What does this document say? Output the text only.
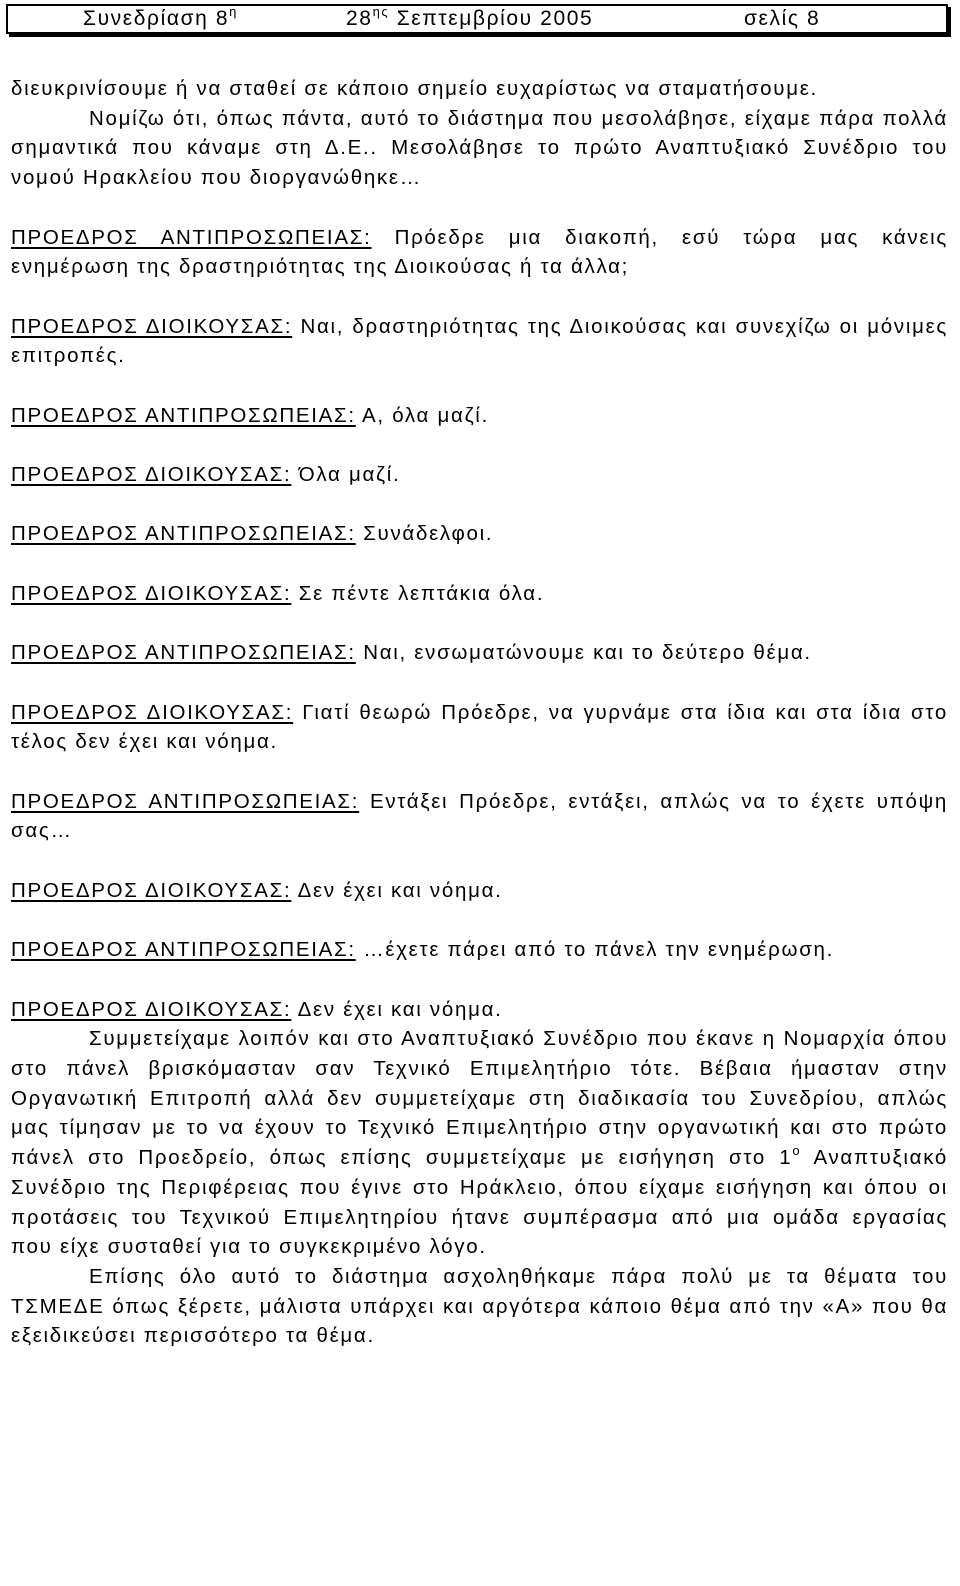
Συνεδρίαση $8^\eta$	$28^{\eta\varsigma}$ Σεπτεμβρίου 2005	σελίς 8

διευκρινίσουμε ή να σταθεί σε κάποιο σημείο ευχαρίστως να σταματήσουμε.

Νομίζω ότι, όπως πάντα, αυτό το διάστημα που μεσολάβησε, είχαμε πάρα πολλά σημαντικά που κάναμε στη Δ.Ε.. Μεσολάβησε το πρώτο Αναπτυξιακό Συνέδριο του νομού Ηρακλείου που διοργανώθηκε…

ΠΡΟΕΔΡΟΣ ΑΝΤΙΠΡΟΣΩΠΕΙΑΣ: Πρόεδρε μια διακοπή, εσύ τώρα μας κάνεις ενημέρωση της δραστηριότητας της Διοικούσας ή τα άλλα;

ΠΡΟΕΔΡΟΣ ΔΙΟΙΚΟΥΣΑΣ: Ναι, δραστηριότητας της Διοικούσας και συνεχίζω οι μόνιμες επιτροπές.

ΠΡΟΕΔΡΟΣ ΑΝΤΙΠΡΟΣΩΠΕΙΑΣ: Α, όλα μαζί.

ΠΡΟΕΔΡΟΣ ΔΙΟΙΚΟΥΣΑΣ: Όλα μαζί.

ΠΡΟΕΔΡΟΣ ΑΝΤΙΠΡΟΣΩΠΕΙΑΣ: Συνάδελφοι.

ΠΡΟΕΔΡΟΣ ΔΙΟΙΚΟΥΣΑΣ: Σε πέντε λεπτάκια όλα.

ΠΡΟΕΔΡΟΣ ΑΝΤΙΠΡΟΣΩΠΕΙΑΣ: Ναι, ενσωματώνουμε και το δεύτερο θέμα.

ΠΡΟΕΔΡΟΣ ΔΙΟΙΚΟΥΣΑΣ: Γιατί θεωρώ Πρόεδρε, να γυρνάμε στα ίδια και στα ίδια στο τέλος δεν έχει και νόημα.

ΠΡΟΕΔΡΟΣ ΑΝΤΙΠΡΟΣΩΠΕΙΑΣ: Εντάξει Πρόεδρε, εντάξει, απλώς να το έχετε υπόψη σας…

ΠΡΟΕΔΡΟΣ ΔΙΟΙΚΟΥΣΑΣ: Δεν έχει και νόημα.

ΠΡΟΕΔΡΟΣ ΑΝΤΙΠΡΟΣΩΠΕΙΑΣ: …έχετε πάρει από το πάνελ την ενημέρωση.

ΠΡΟΕΔΡΟΣ ΔΙΟΙΚΟΥΣΑΣ: Δεν έχει και νόημα.

Συμμετείχαμε λοιπόν και στο Αναπτυξιακό Συνέδριο που έκανε η Νομαρχία όπου στο πάνελ βρισκόμασταν σαν Τεχνικό Επιμελητήριο τότε. Βέβαια ήμασταν στην Οργανωτική Επιτροπή αλλά δεν συμμετείχαμε στη διαδικασία του Συνεδρίου, απλώς μας τίμησαν με το να έχουν το Τεχνικό Επιμελητήριο στην οργανωτική και στο πρώτο πάνελ στο Προεδρείο, όπως επίσης συμμετείχαμε με εισήγηση στο $1^o$ Αναπτυξιακό Συνέδριο της Περιφέρειας που έγινε στο Ηράκλειο, όπου είχαμε εισήγηση και όπου οι προτάσεις του Τεχνικού Επιμελητηρίου ήτανε συμπέρασμα από μια ομάδα εργασίας που είχε συσταθεί για το συγκεκριμένο λόγο.

Επίσης όλο αυτό το διάστημα ασχοληθήκαμε πάρα πολύ με τα θέματα του ΤΣΜΕΔΕ όπως ξέρετε, μάλιστα υπάρχει και αργότερα κάποιο θέμα από την «Α» που θα εξειδικεύσει περισσότερο τα θέμα.
